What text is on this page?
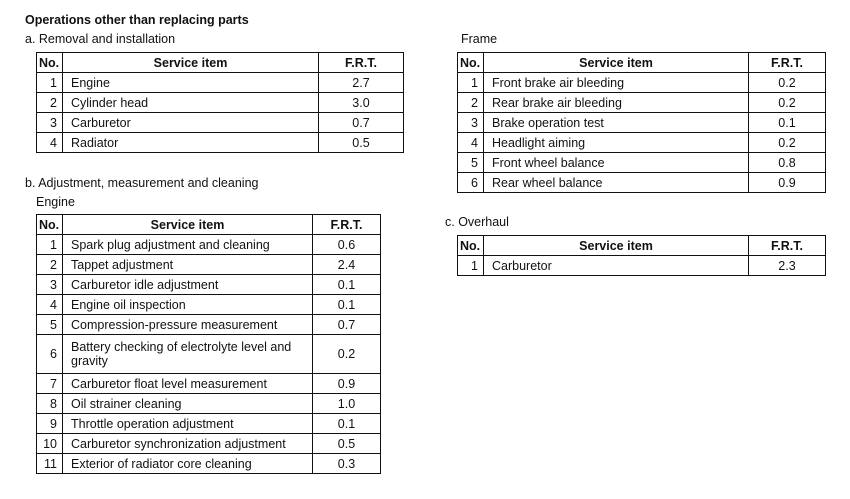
Operations other than replacing parts
a. Removal and installation
No.	Service item	F.R.T.
1	Engine	2.7
2	Cylinder head	3.0
3	Carburetor	0.7
4	Radiator	0.5
b. Adjustment, measurement and cleaning
Engine
No.	Service item	F.R.T.
1	Spark plug adjustment and cleaning	0.6
2	Tappet adjustment	2.4
3	Carburetor idle adjustment	0.1
4	Engine oil inspection	0.1
5	Compression-pressure measurement	0.7
6	Battery checking of electrolyte level and gravity	0.2
7	Carburetor float level measurement	0.9
8	Oil strainer cleaning	1.0
9	Throttle operation adjustment	0.1
10	Carburetor synchronization adjustment	0.5
11	Exterior of radiator core cleaning	0.3
Frame
No.	Service item	F.R.T.
1	Front brake air bleeding	0.2
2	Rear brake air bleeding	0.2
3	Brake operation test	0.1
4	Headlight aiming	0.2
5	Front wheel balance	0.8
6	Rear wheel balance	0.9
c. Overhaul
No.	Service item	F.R.T.
1	Carburetor	2.3
